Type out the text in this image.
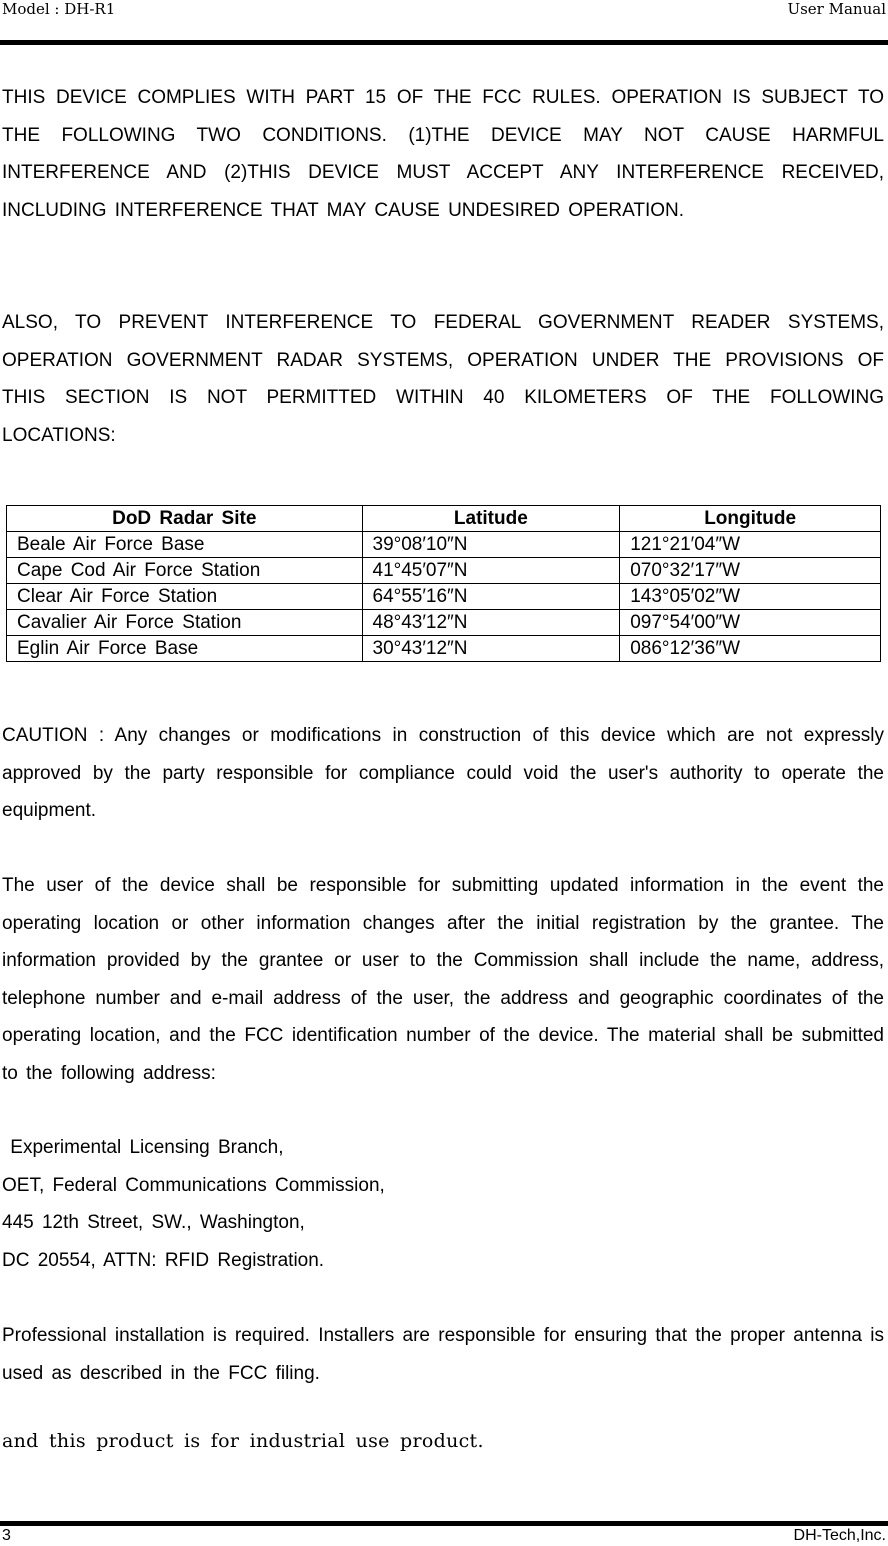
Model : DH-R1	User Manual

THIS DEVICE COMPLIES WITH PART 15 OF THE FCC RULES. OPERATION IS SUBJECT TO THE FOLLOWING TWO CONDITIONS. (1)THE DEVICE MAY NOT CAUSE HARMFUL INTERFERENCE AND (2)THIS DEVICE MUST ACCEPT ANY INTERFERENCE RECEIVED, INCLUDING INTERFERENCE THAT MAY CAUSE UNDESIRED OPERATION.

ALSO, TO PREVENT INTERFERENCE TO FEDERAL GOVERNMENT READER SYSTEMS, OPERATION GOVERNMENT RADAR SYSTEMS, OPERATION UNDER THE PROVISIONS OF THIS SECTION IS NOT PERMITTED WITHIN 40 KILOMETERS OF THE FOLLOWING LOCATIONS:

DoD Radar Site	Latitude	Longitude
Beale Air Force Base	39°08′10″N	121°21′04″W
Cape Cod Air Force Station	41°45′07″N	070°32′17″W
Clear Air Force Station	64°55′16″N	143°05′02″W
Cavalier Air Force Station	48°43′12″N	097°54′00″W
Eglin Air Force Base	30°43′12″N	086°12′36″W

CAUTION : Any changes or modifications in construction of this device which are not expressly approved by the party responsible for compliance could void the user's authority to operate the equipment.

The user of the device shall be responsible for submitting updated information in the event the operating location or other information changes after the initial registration by the grantee. The information provided by the grantee or user to the Commission shall include the name, address, telephone number and e-mail address of the user, the address and geographic coordinates of the operating location, and the FCC identification number of the device. The material shall be submitted to the following address:

Experimental Licensing Branch,
OET, Federal Communications Commission,
445 12th Street, SW., Washington,
DC 20554, ATTN: RFID Registration.

Professional installation is required. Installers are responsible for ensuring that the proper antenna is used as described in the FCC filing.

and this product is for industrial use product.
3	DH-Tech,Inc.
